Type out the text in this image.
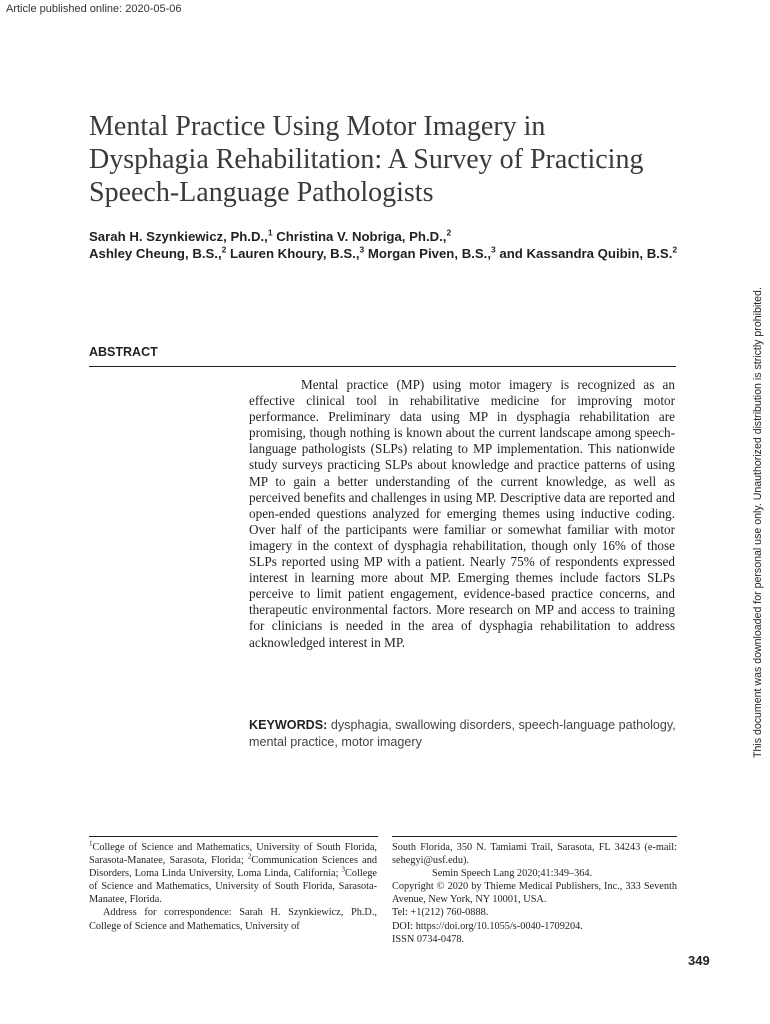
Article published online: 2020-05-06
Mental Practice Using Motor Imagery in Dysphagia Rehabilitation: A Survey of Practicing Speech-Language Pathologists
Sarah H. Szynkiewicz, Ph.D.,$^1$ Christina V. Nobriga, Ph.D.,$^2$
Ashley Cheung, B.S.,$^2$ Lauren Khoury, B.S.,$^3$ Morgan Piven, B.S.,$^3$ and Kassandra Quibin, B.S.$^2$
This document was downloaded for personal use only. Unauthorized distribution is strictly prohibited.
ABSTRACT

Mental practice (MP) using motor imagery is recognized as an effective clinical tool in rehabilitative medicine for improving motor performance. Preliminary data using MP in dysphagia rehabilitation are promising, though nothing is known about the current landscape among speech-language pathologists (SLPs) relating to MP implementation. This nationwide study surveys practicing SLPs about knowledge and practice patterns of using MP to gain a better understanding of the current knowledge, as well as perceived benefits and challenges in using MP. Descriptive data are reported and open-ended questions analyzed for emerging themes using inductive coding. Over half of the participants were familiar or somewhat familiar with motor imagery in the context of dysphagia rehabilitation, though only 16% of those SLPs reported using MP with a patient. Nearly 75% of respondents expressed interest in learning more about MP. Emerging themes include factors SLPs perceive to limit patient engagement, evidence-based practice concerns, and therapeutic environmental factors. More research on MP and access to training for clinicians is needed in the area of dysphagia rehabilitation to address acknowledged interest in MP.

KEYWORDS: dysphagia, swallowing disorders, speech-language pathology, mental practice, motor imagery

$^1$College of Science and Mathematics, University of South Florida, Sarasota-Manatee, Sarasota, Florida; $^2$Communication Sciences and Disorders, Loma Linda University, Loma Linda, California; $^3$College of Science and Mathematics, University of South Florida, Sarasota-Manatee, Florida.

Address for correspondence: Sarah H. Szynkiewicz, Ph.D., College of Science and Mathematics, University of

South Florida, 350 N. Tamiami Trail, Sarasota, FL 34243 (e-mail: sehegyi@usf.edu).

Semin Speech Lang 2020;41:349–364.

Copyright © 2020 by Thieme Medical Publishers, Inc., 333 Seventh Avenue, New York, NY 10001, USA.

Tel: +1(212) 760-0888.

DOI: https://doi.org/10.1055/s-0040-1709204.

ISSN 0734-0478.

349
